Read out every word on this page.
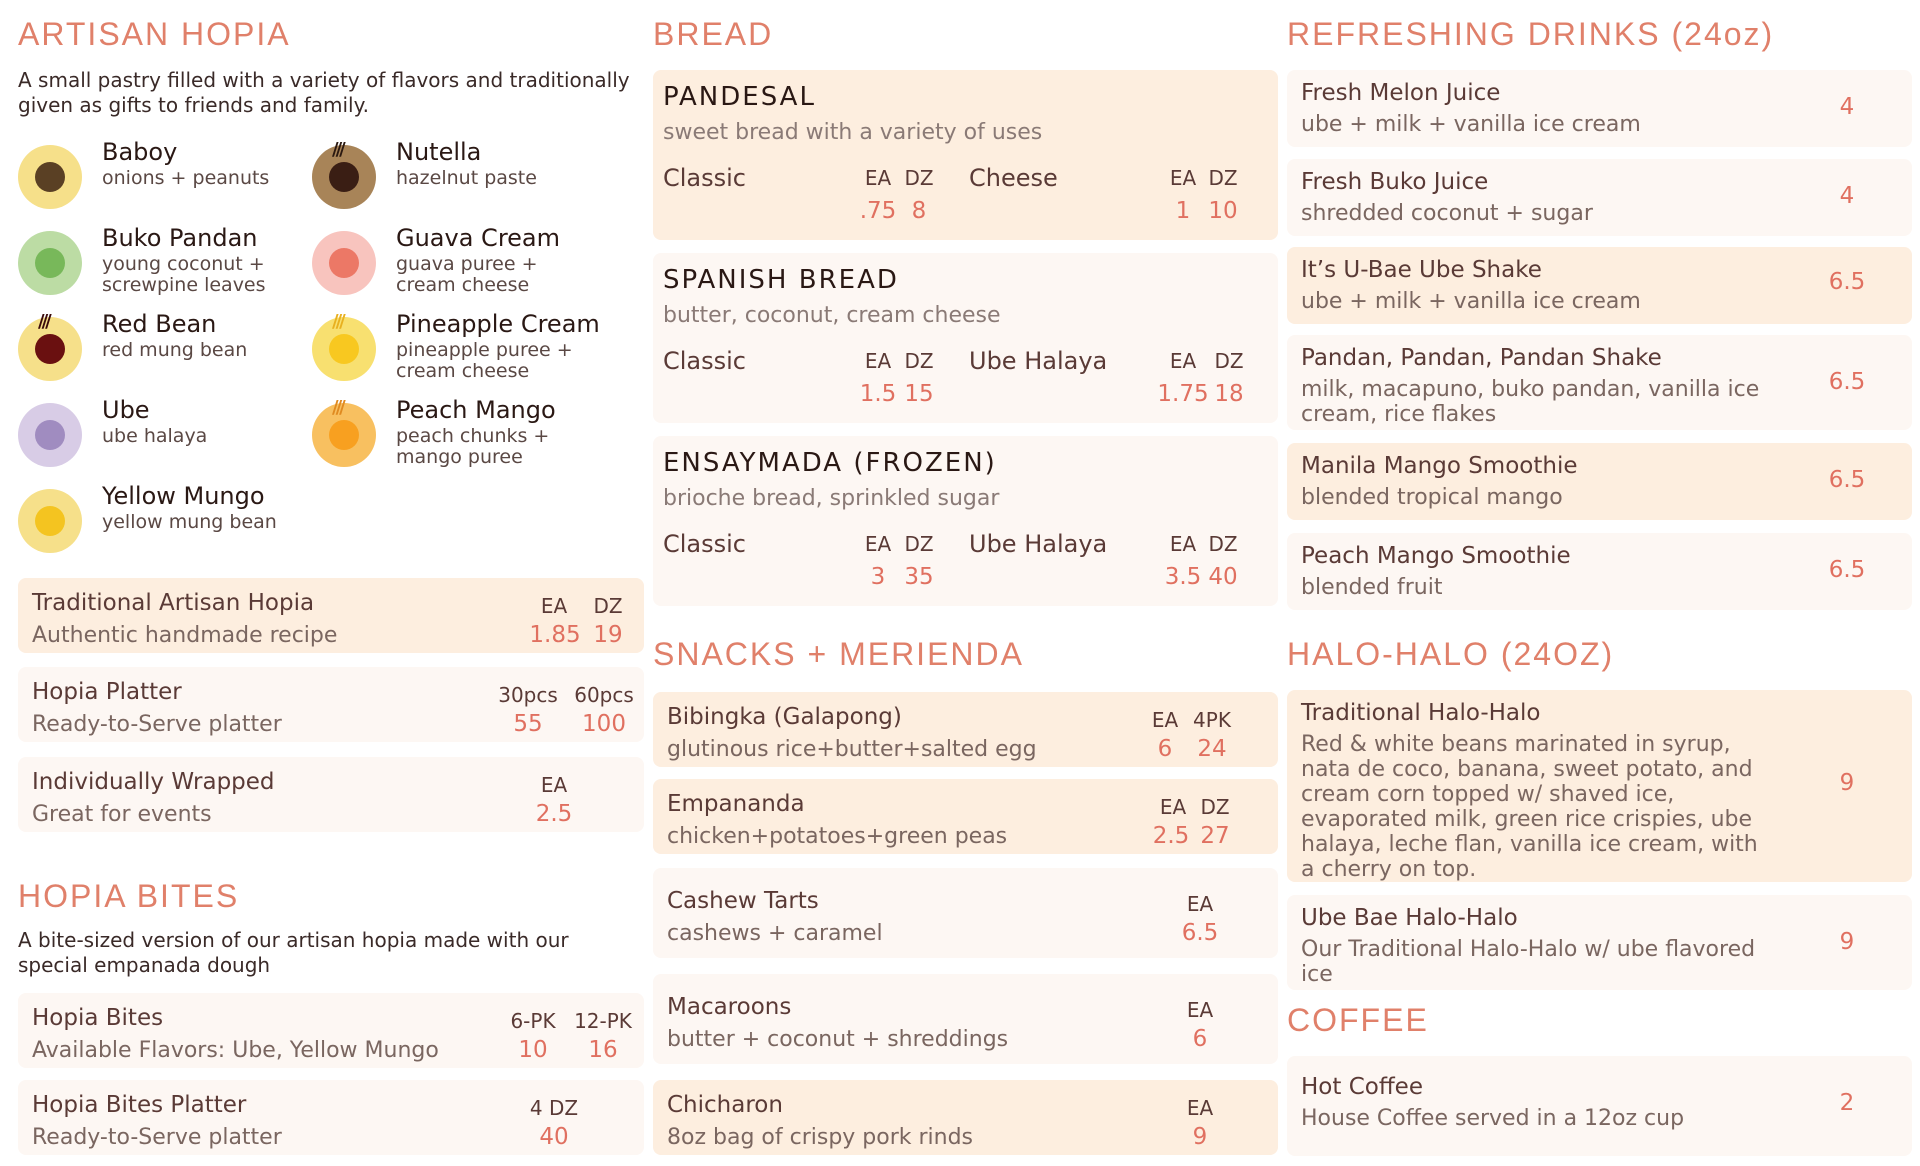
ARTISAN HOPIA
A small pastry filled with a variety of flavors and traditionally given as gifts to friends and family.
Baboy
onions + peanuts
/// Nutella
hazelnut paste
Buko Pandan
young coconut + screwpine leaves
Guava Cream
guava puree + cream cheese
/// Red Bean
red mung bean
/// Pineapple Cream
pineapple puree + cream cheese
Ube
ube halaya
/// Peach Mango
peach chunks + mango puree
Yellow Mungo
yellow mung bean
Traditional Artisan Hopia
Authentic handmade recipe
EA	DZ
1.85 19
Hopia Platter
Ready-to-Serve platter
30pcs 60pcs
55	100
Individually Wrapped
Great for events
EA
2.5
HOPIA BITES
A bite-sized version of our artisan hopia made with our special empanada dough
Hopia Bites
Available Flavors: Ube, Yellow Mungo
6-PK 12-PK
10	16
Hopia Bites Platter
Ready-to-Serve platter
4 DZ
40
BREAD
PANDESAL
sweet bread with a variety of uses
Classic	EA DZ
.75 8
Cheese	EA DZ
1 10
SPANISH BREAD
butter, coconut, cream cheese
Classic	EA DZ
1.5 15
Ube Halaya	EA DZ
1.75 18
ENSAYMADA (FROZEN)
brioche bread, sprinkled sugar
Classic	EA DZ
3 35
Ube Halaya	EA DZ
3.5 40
SNACKS + MERIENDA
Bibingka (Galapong)
glutinous rice+butter+salted egg
EA 4PK
6	24
Empananda
chicken+potatoes+green peas
EA DZ
2.5 27
Cashew Tarts
cashews + caramel
EA
6.5
Macaroons
butter + coconut + shreddings
EA
6
Chicharon
8oz bag of crispy pork rinds
EA
9
REFRESHING DRINKS (24oz)
Fresh Melon Juice
ube + milk + vanilla ice cream
4
Fresh Buko Juice
shredded coconut + sugar
4
It’s U-Bae Ube Shake
ube + milk + vanilla ice cream
6.5
Pandan, Pandan, Pandan Shake
milk, macapuno, buko pandan, vanilla ice cream, rice flakes
6.5
Manila Mango Smoothie
blended tropical mango
6.5
Peach Mango Smoothie
blended fruit
6.5
HALO-HALO (24OZ)
Traditional Halo-Halo
Red & white beans marinated in syrup, nata de coco, banana, sweet potato, and cream corn topped w/ shaved ice, evaporated milk, green rice crispies, ube halaya, leche flan, vanilla ice cream, with a cherry on top.
9
Ube Bae Halo-Halo
Our Traditional Halo-Halo w/ ube flavored ice
9
COFFEE
Hot Coffee
House Coffee served in a 12oz cup
2
